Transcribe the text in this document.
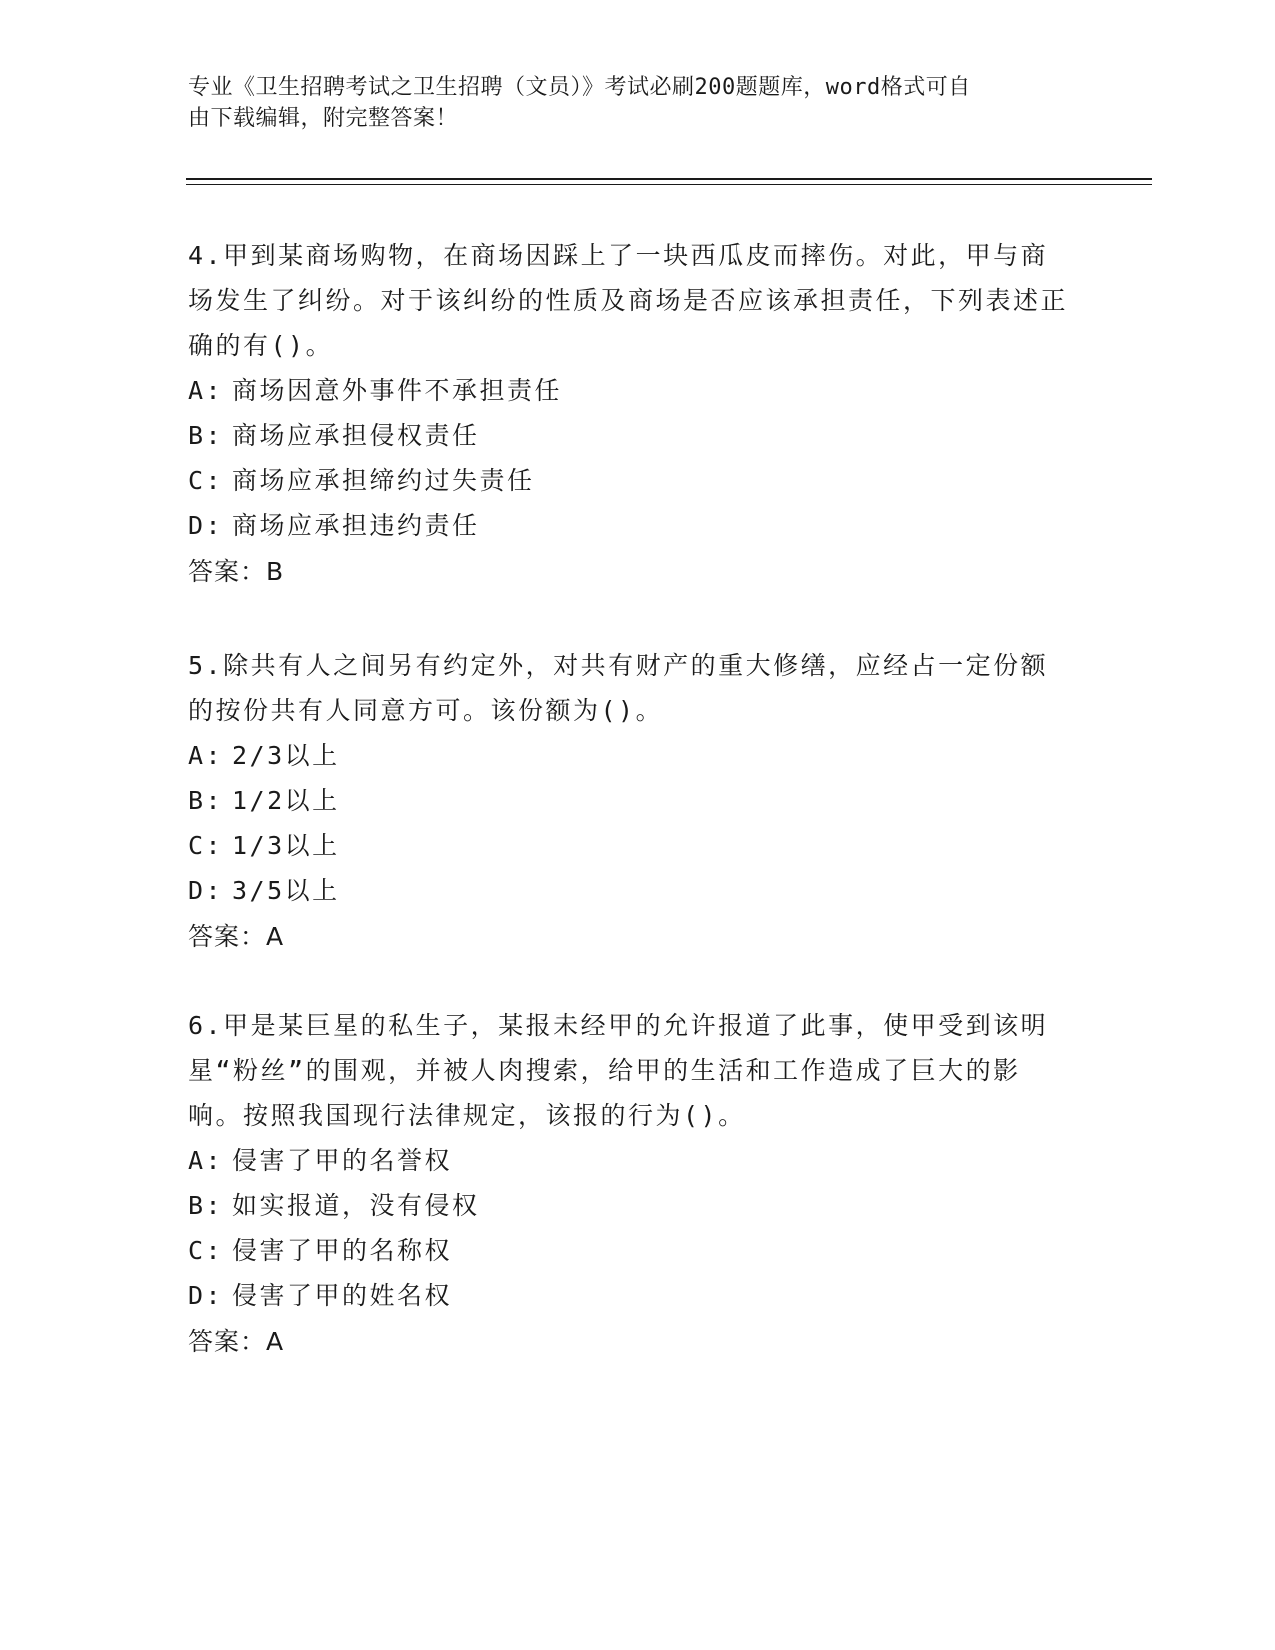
专业《卫生招聘考试之卫生招聘（文员）》考试必刷200题题库，word格式可自
由下载编辑，附完整答案！
4.甲到某商场购物，在商场因踩上了一块西瓜皮而摔伤。对此，甲与商场发生了纠纷。对于该纠纷的性质及商场是否应该承担责任，下列表述正确的有()。
A: 商场因意外事件不承担责任
B: 商场应承担侵权责任
C: 商场应承担缔约过失责任
D: 商场应承担违约责任
答案：B
5.除共有人之间另有约定外，对共有财产的重大修缮，应经占一定份额的按份共有人同意方可。该份额为()。
A: 2/3以上
B: 1/2以上
C: 1/3以上
D: 3/5以上
答案：A
6.甲是某巨星的私生子，某报未经甲的允许报道了此事，使甲受到该明星“粉丝”的围观，并被人肉搜索，给甲的生活和工作造成了巨大的影响。按照我国现行法律规定，该报的行为()。
A: 侵害了甲的名誉权
B: 如实报道，没有侵权
C: 侵害了甲的名称权
D: 侵害了甲的姓名权
答案：A
